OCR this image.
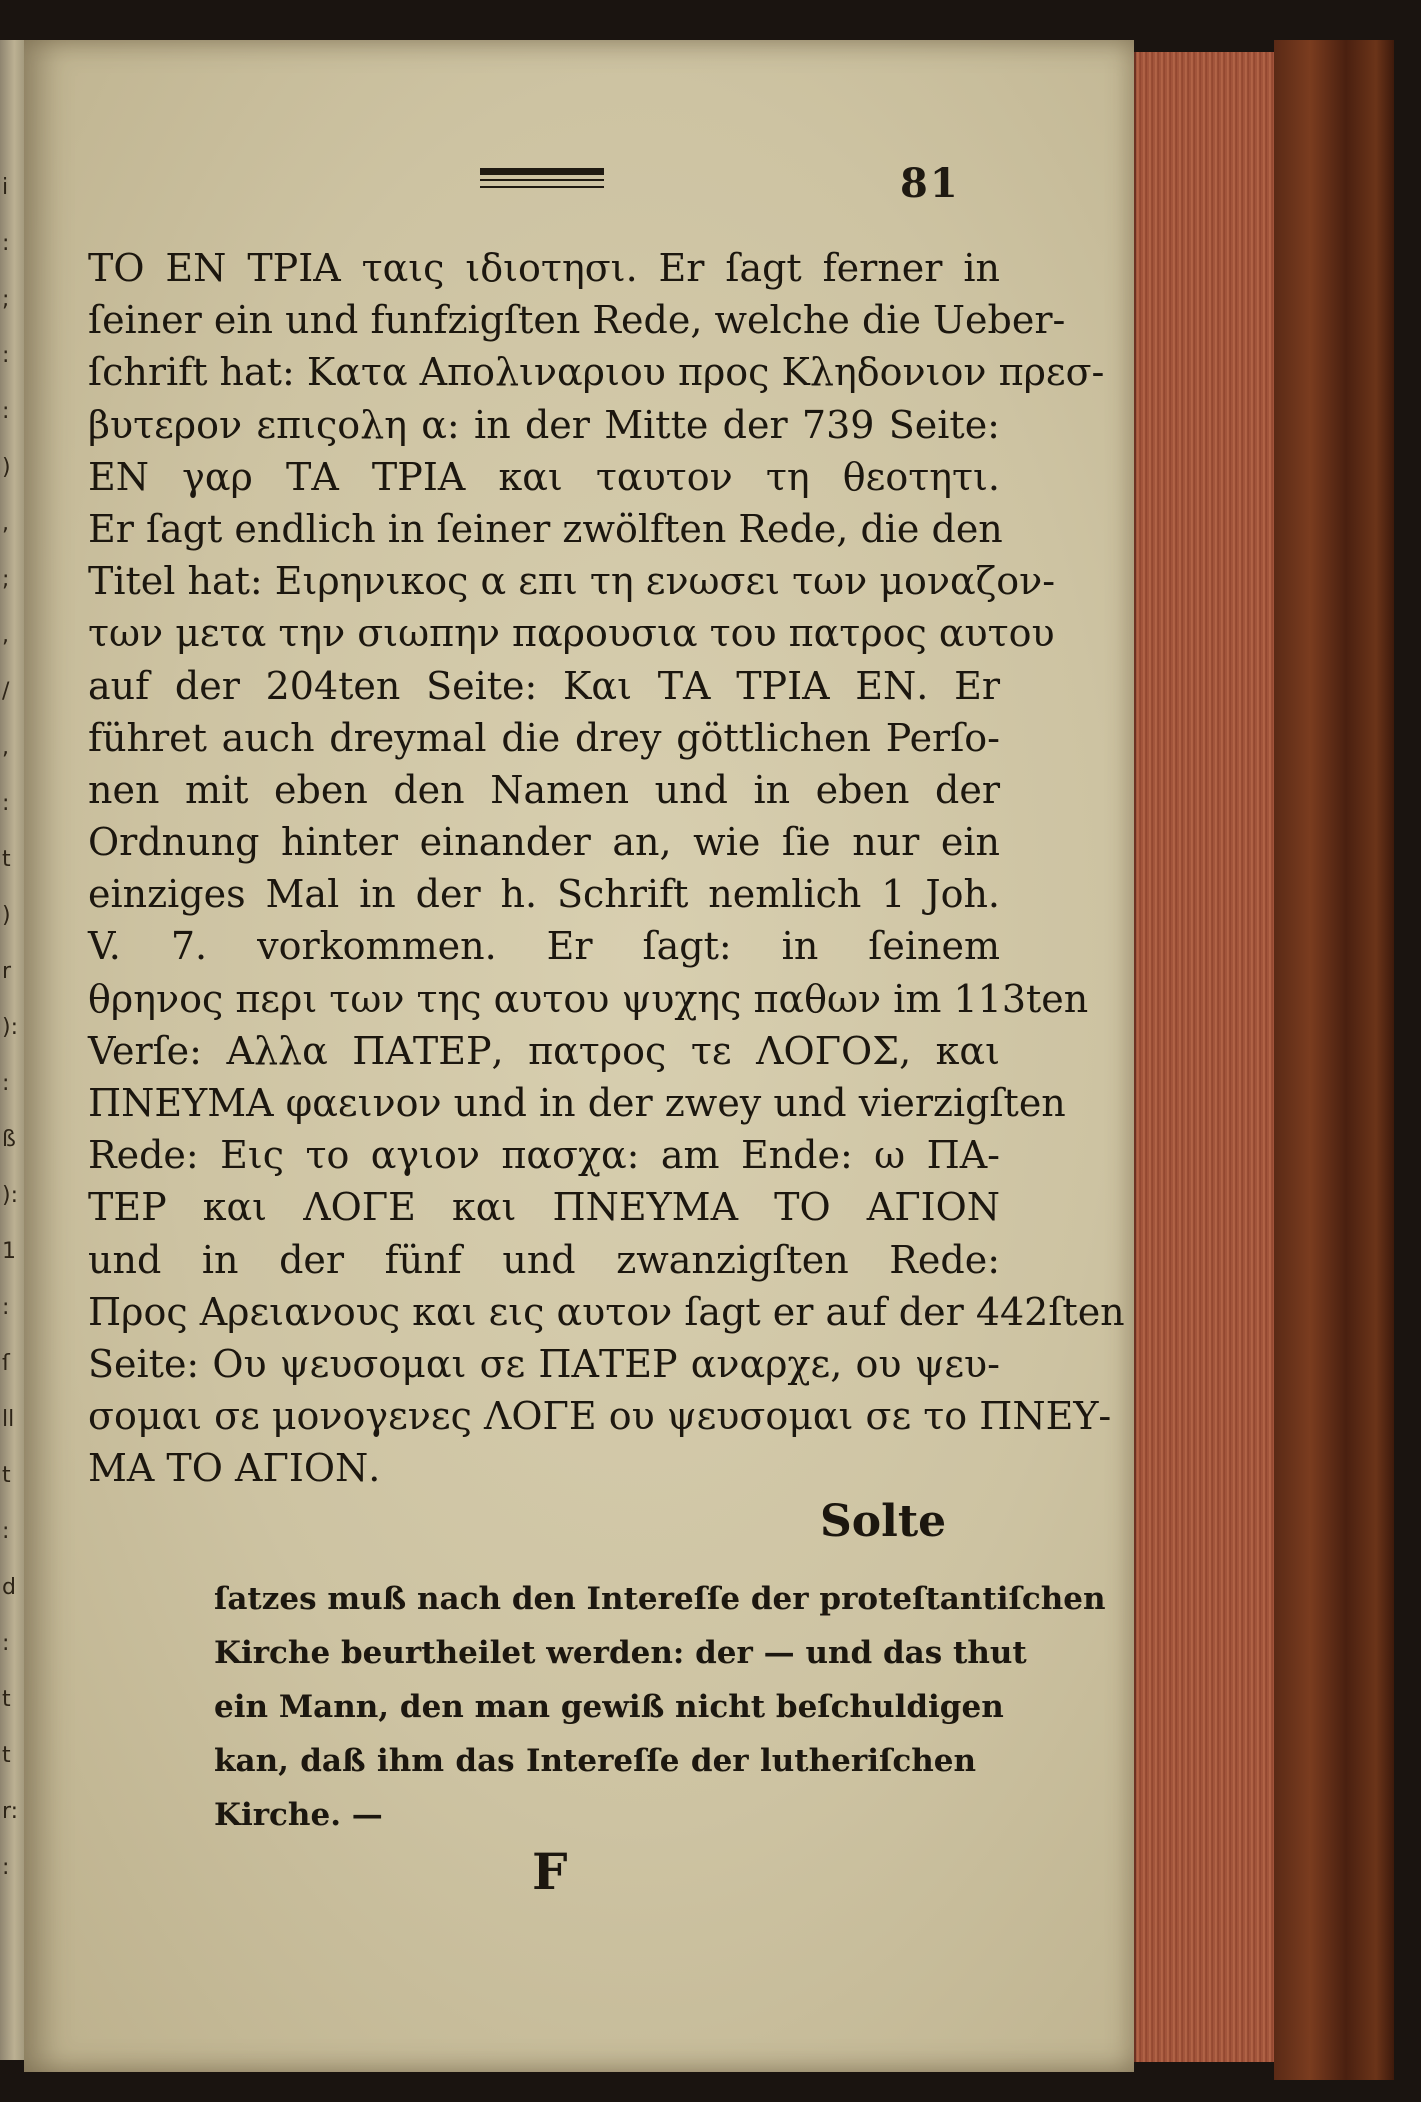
i
:
;
:
:
)
,
;
,
/
,
:
t
)
r
):
:
ß
):
1
:
ſ
ll
t
:
d
:
t
t
r:
:
81
ΤΟ ΕΝ ΤΡΙΑ ταις ιδιοτησι. Er ſagt ferner in
ſeiner ein und funfzigſten Rede, welche die Ueber-
ſchrift hat: Κατα Απολιναριου προς Κληδονιον πρεσ-
βυτερον επιςολη α: in der Mitte der 739 Seite:
ΕΝ γαρ ΤΑ ΤΡΙΑ και ταυτον τη θεοτητι.
Er ſagt endlich in ſeiner zwölften Rede, die den
Titel hat: Ειρηνικος α επι τη ενωσει των μοναζον-
των μετα την σιωπην παρουσια του πατρος αυτου
auf der 204ten Seite: Και ΤΑ ΤΡΙΑ ΕΝ. Er
führet auch dreymal die drey göttlichen Perſo-
nen mit eben den Namen und in eben der
Ordnung hinter einander an, wie ſie nur ein
einziges Mal in der h. Schrift nemlich 1 Joh.
V. 7. vorkommen. Er ſagt: in ſeinem
θρηνος περι των της αυτου ψυχης παθων im 113ten
Verſe: Αλλα ΠΑΤΕΡ, πατρος τε ΛΟΓΟΣ, και
ΠΝΕΥΜΑ φαεινον und in der zwey und vierzigſten
Rede: Εις το αγιον πασχα: am Ende: ω ΠΑ-
ΤΕΡ και ΛΟΓΕ και ΠΝΕΥΜΑ ΤΟ ΑΓΙΟΝ
und in der fünf und zwanzigſten Rede:
Προς Αρειανους και εις αυτον ſagt er auf der 442ſten
Seite: Ου ψευσομαι σε ΠΑΤΕΡ αναρχε, ου ψευ-
σομαι σε μονογενες ΛΟΓΕ ου ψευσομαι σε το ΠΝΕΥ-
ΜΑ ΤΟ ΑΓΙΟΝ.
Solte
ſatzes muß nach den Intereſſe der proteſtantiſchen
Kirche beurtheilet werden: der — und das thut
ein Mann, den man gewiß nicht beſchuldigen
kan, daß ihm das Intereſſe der lutheriſchen
Kirche. —
F
